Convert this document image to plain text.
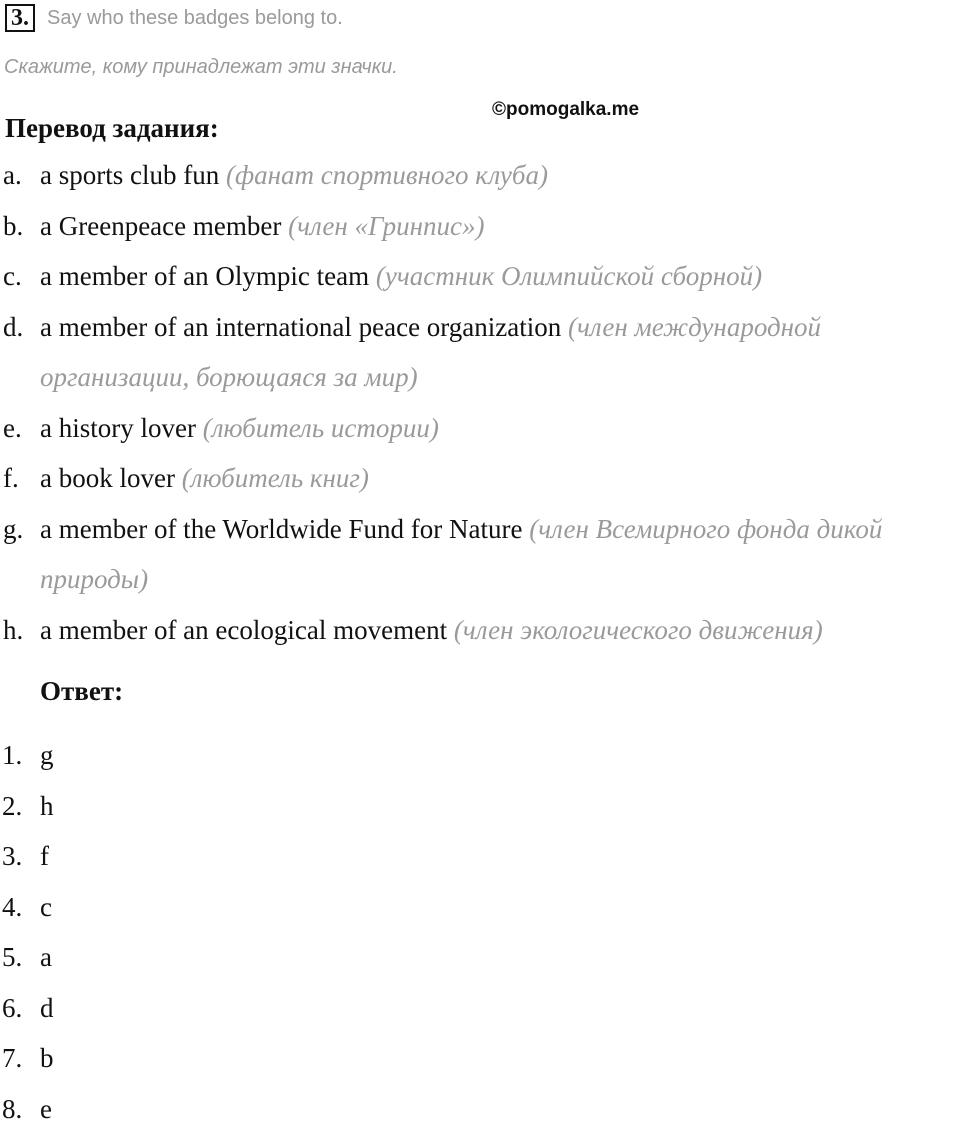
3. Say who these badges belong to.
Скажите, кому принадлежат эти значки.
©pomogalka.me
Перевод задания:
a. a sports club fun (фанат спортивного клуба)
b. a Greenpeace member (член «Гринпис»)
c. a member of an Olympic team (участник Олимпийской сборной)
d. a member of an international peace organization (член международной организации, борющаяся за мир)
e. a history lover (любитель истории)
f. a book lover (любитель книг)
g. a member of the Worldwide Fund for Nature (член Всемирного фонда дикой природы)
h. a member of an ecological movement (член экологического движения)
Ответ:
1. g
2. h
3. f
4. c
5. a
6. d
7. b
8. e
